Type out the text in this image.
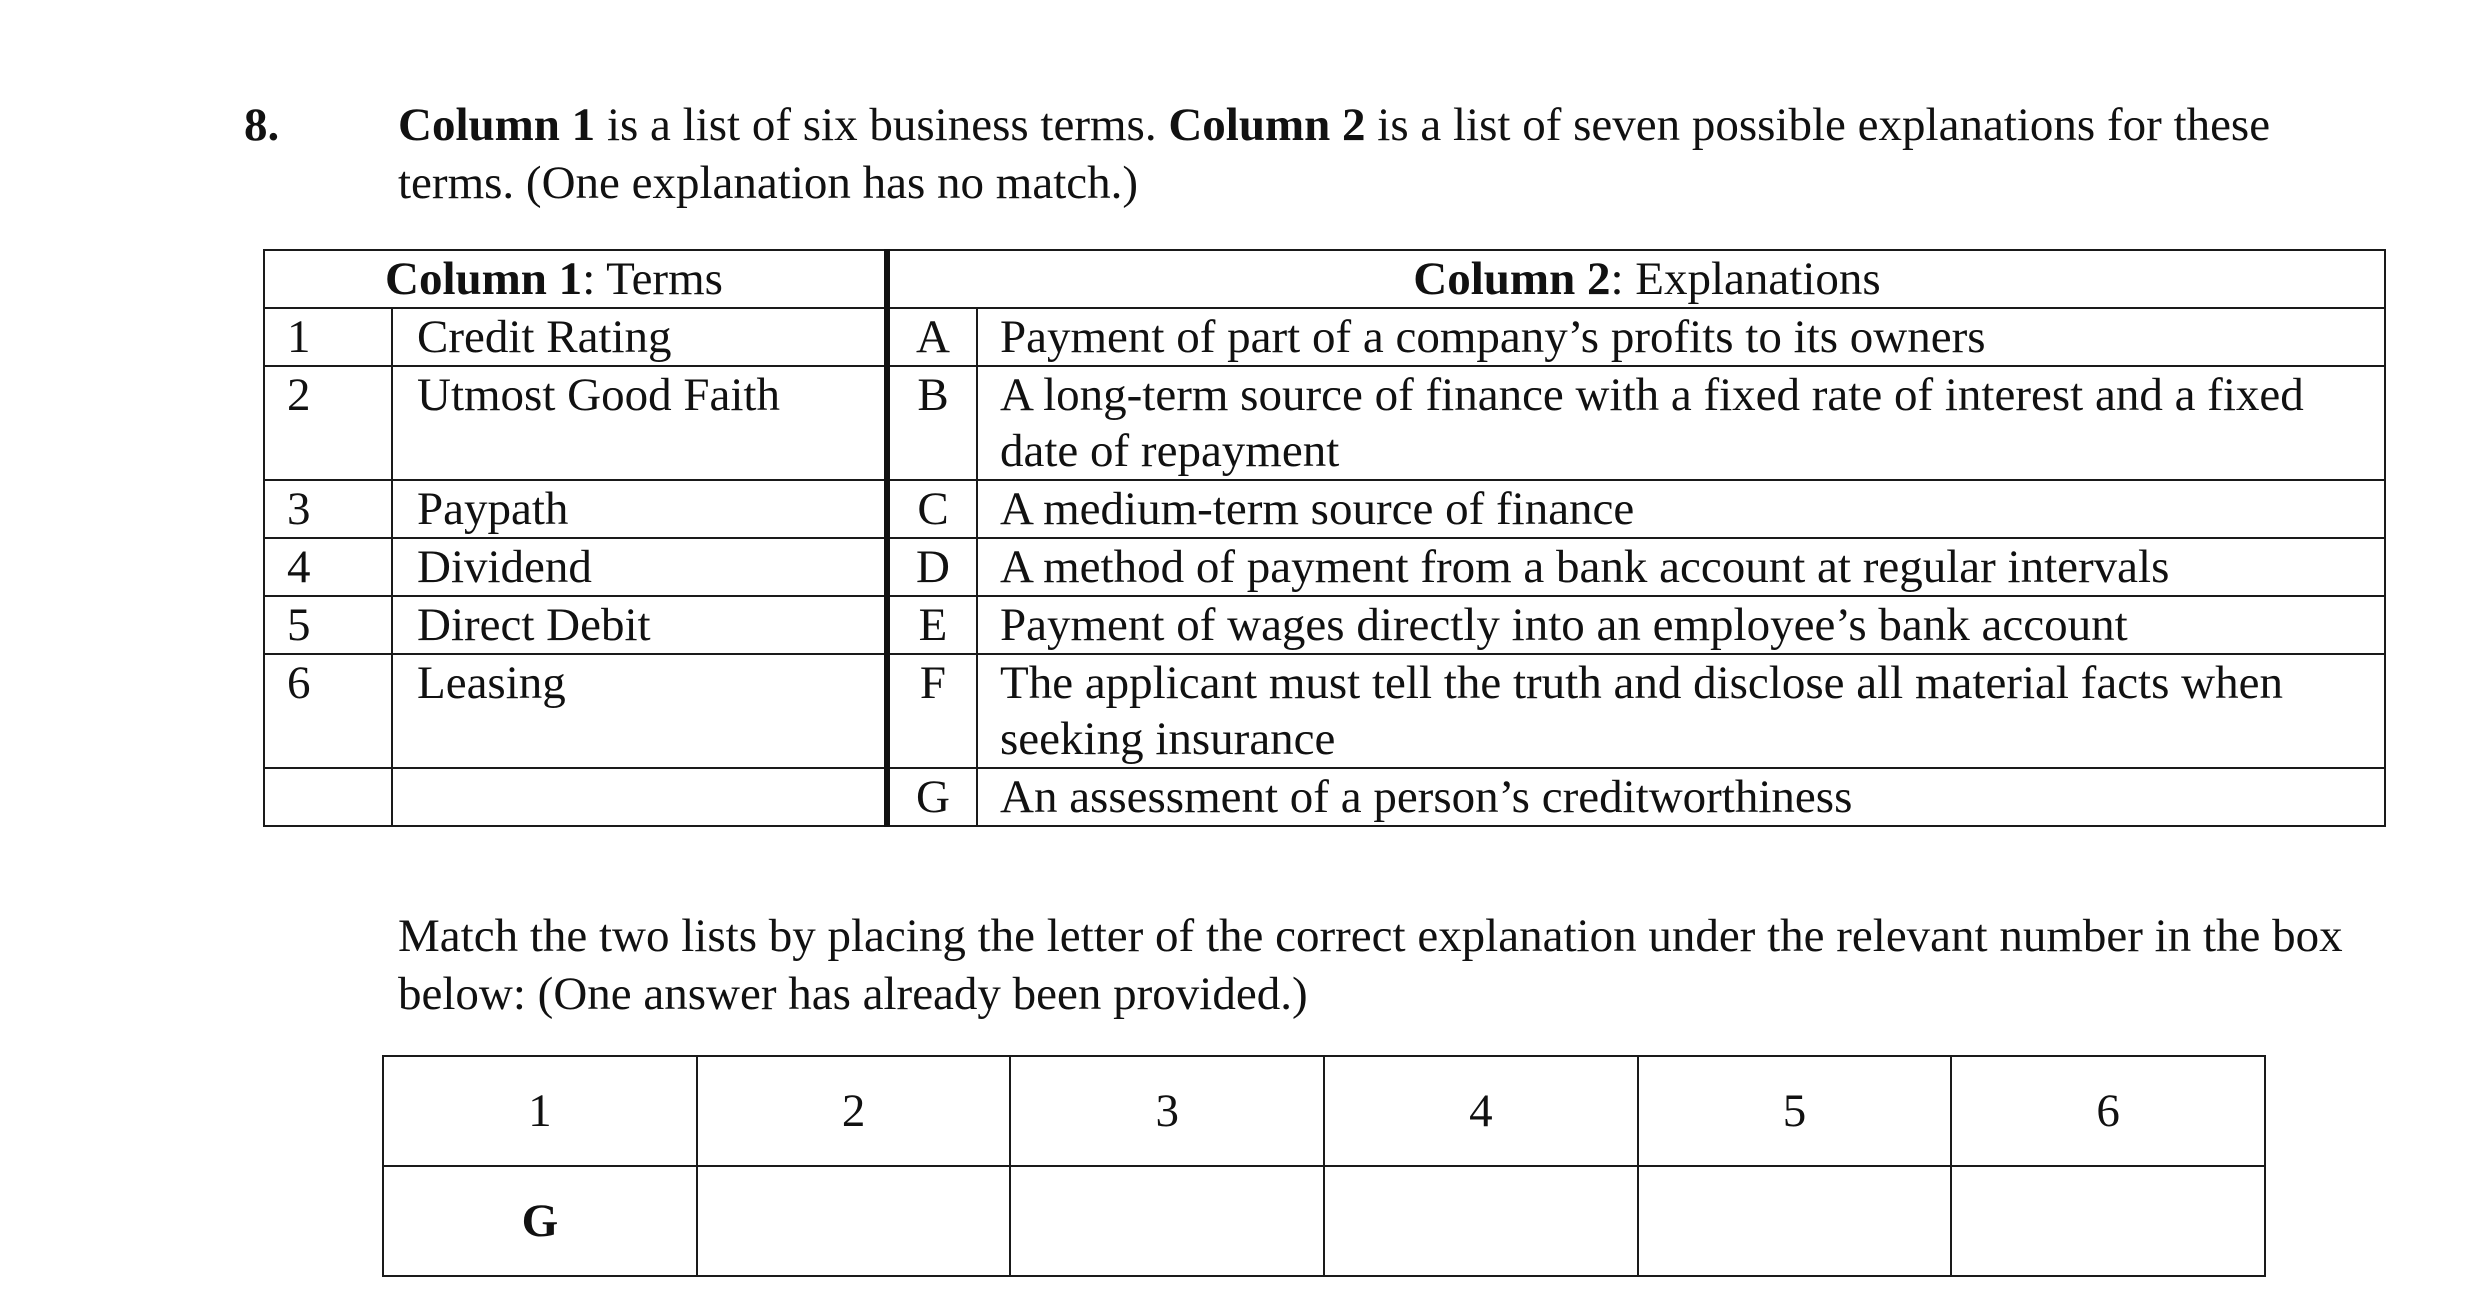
8.	Column 1 is a list of six business terms. Column 2 is a list of seven possible explanations for these terms. (One explanation has no match.)
Column 1: Terms		Column 2: Explanations	
1	Credit Rating	A	Payment of part of a company’s profits to its owners
2	Utmost Good Faith	B	A long-term source of finance with a fixed rate of interest and a fixed date of repayment
3	Paypath	C	A medium-term source of finance
4	Dividend	D	A method of payment from a bank account at regular intervals
5	Direct Debit	E	Payment of wages directly into an employee’s bank account
6	Leasing	F	The applicant must tell the truth and disclose all material facts when seeking insurance
		G	An assessment of a person’s creditworthiness
Match the two lists by placing the letter of the correct explanation under the relevant number in the box below: (One answer has already been provided.)
1	2	3	4	5	6
G					
